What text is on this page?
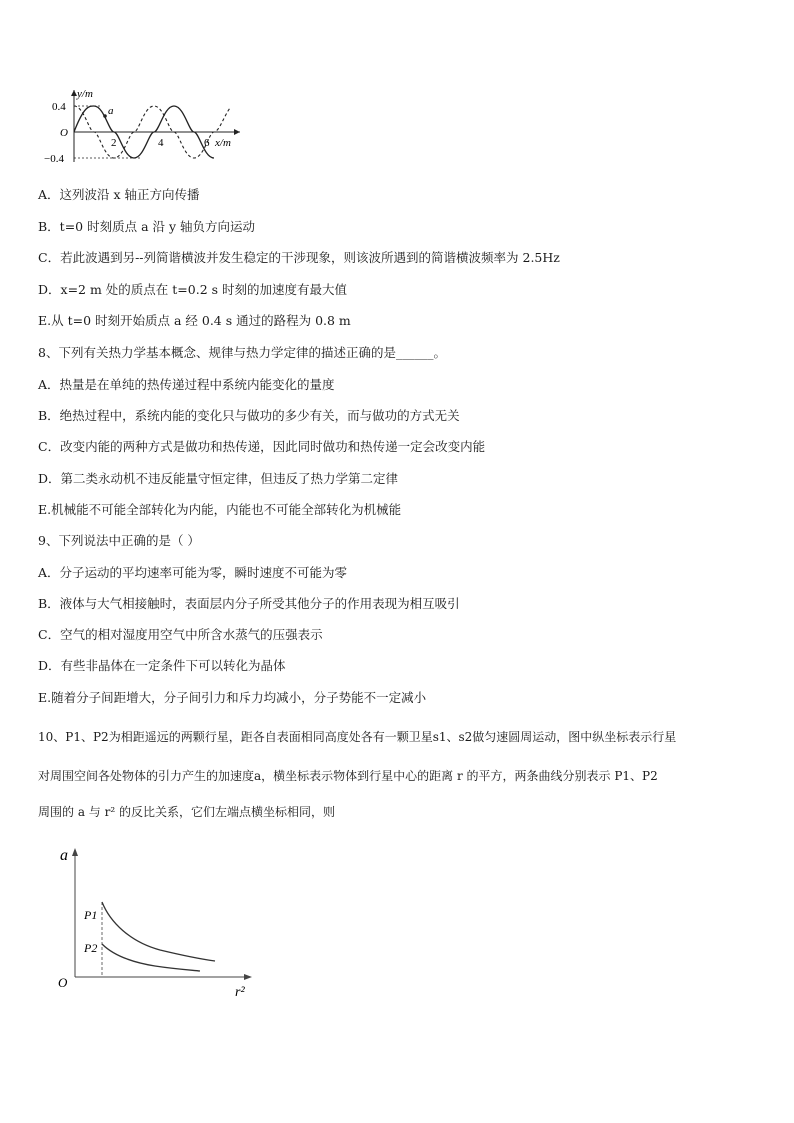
a
y/m
0.4
O
−0.4
2	4	6 x/m
A．这列波沿 x 轴正方向传播
B．t=0 时刻质点 a 沿 y 轴负方向运动
C．若此波遇到另--列简谐横波并发生稳定的干涉现象，则该波所遇到的简谐横波频率为 2.5Hz
D．x=2 m 处的质点在 t=0.2 s 时刻的加速度有最大值
E.从 t=0 时刻开始质点 a 经 0.4 s 通过的路程为 0.8 m
8、下列有关热力学基本概念、规律与热力学定律的描述正确的是______。
A．热量是在单纯的热传递过程中系统内能变化的量度
B．绝热过程中，系统内能的变化只与做功的多少有关，而与做功的方式无关
C．改变内能的两种方式是做功和热传递，因此同时做功和热传递一定会改变内能
D．第二类永动机不违反能量守恒定律，但违反了热力学第二定律
E.机械能不可能全部转化为内能，内能也不可能全部转化为机械能
9、下列说法中正确的是（ ）
A．分子运动的平均速率可能为零，瞬时速度不可能为零
B．液体与大气相接触时，表面层内分子所受其他分子的作用表现为相互吸引
C．空气的相对湿度用空气中所含水蒸气的压强表示
D．有些非晶体在一定条件下可以转化为晶体
E.随着分子间距增大，分子间引力和斥力均减小，分子势能不一定减小
10、P1、P2为相距遥远的两颗行星，距各自表面相同高度处各有一颗卫星s1、s2做匀速圆周运动，图中纵坐标表示行星
对周围空间各处物体的引力产生的加速度a，横坐标表示物体到行星中心的距离 r 的平方，两条曲线分别表示 P1、P2
周围的 a 与 r² 的反比关系，它们左端点横坐标相同，则
a
r²
O
P1
P2
